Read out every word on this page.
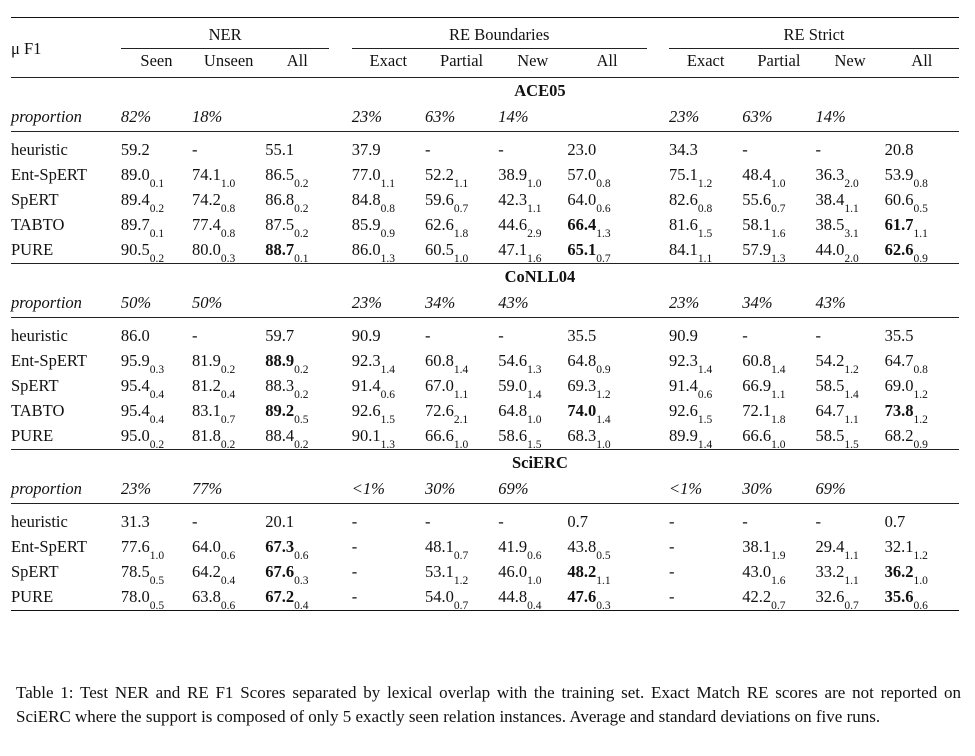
μ F1	NER				RE Boundaries					RE Strict			
	Seen	Unseen	All		Exact	Partial	New	All		Exact	Partial	New	All
	ACE05												
proportion	82%	18%			23%	63%	14%			23%	63%	14%	

heuristic	59.2	-	55.1		37.9	-	-	23.0		34.3	-	-	20.8
Ent-SpERT	$89.0_{0.1}$	$74.1_{1.0}$	$86.5_{0.2}$		$77.0_{1.1}$	$52.2_{1.1}$	$38.9_{1.0}$	$57.0_{0.8}$		$75.1_{1.2}$	$48.4_{1.0}$	$36.3_{2.0}$	$53.9_{0.8}$
SpERT	$89.4_{0.2}$	$74.2_{0.8}$	$86.8_{0.2}$		$84.8_{0.8}$	$59.6_{0.7}$	$42.3_{1.1}$	$64.0_{0.6}$		$82.6_{0.8}$	$55.6_{0.7}$	$38.4_{1.1}$	$60.6_{0.5}$
TABTO	$89.7_{0.1}$	$77.4_{0.8}$	$87.5_{0.2}$		$85.9_{0.9}$	$62.6_{1.8}$	$44.6_{2.9}$	$66.4_{1.3}$		$81.6_{1.5}$	$58.1_{1.6}$	$38.5_{3.1}$	$61.7_{1.1}$
PURE	$90.5_{0.2}$	$80.0_{0.3}$	$88.7_{0.1}$		$86.0_{1.3}$	$60.5_{1.0}$	$47.1_{1.6}$	$65.1_{0.7}$		$84.1_{1.1}$	$57.9_{1.3}$	$44.0_{2.0}$	$62.6_{0.9}$
	CoNLL04												
proportion	50%	50%			23%	34%	43%			23%	34%	43%	

heuristic	86.0	-	59.7		90.9	-	-	35.5		90.9	-	-	35.5
Ent-SpERT	$95.9_{0.3}$	$81.9_{0.2}$	$88.9_{0.2}$		$92.3_{1.4}$	$60.8_{1.4}$	$54.6_{1.3}$	$64.8_{0.9}$		$92.3_{1.4}$	$60.8_{1.4}$	$54.2_{1.2}$	$64.7_{0.8}$
SpERT	$95.4_{0.4}$	$81.2_{0.4}$	$88.3_{0.2}$		$91.4_{0.6}$	$67.0_{1.1}$	$59.0_{1.4}$	$69.3_{1.2}$		$91.4_{0.6}$	$66.9_{1.1}$	$58.5_{1.4}$	$69.0_{1.2}$
TABTO	$95.4_{0.4}$	$83.1_{0.7}$	$89.2_{0.5}$		$92.6_{1.5}$	$72.6_{2.1}$	$64.8_{1.0}$	$74.0_{1.4}$		$92.6_{1.5}$	$72.1_{1.8}$	$64.7_{1.1}$	$73.8_{1.2}$
PURE	$95.0_{0.2}$	$81.8_{0.2}$	$88.4_{0.2}$		$90.1_{1.3}$	$66.6_{1.0}$	$58.6_{1.5}$	$68.3_{1.0}$		$89.9_{1.4}$	$66.6_{1.0}$	$58.5_{1.5}$	$68.2_{0.9}$
	SciERC												
proportion	23%	77%			<1%	30%	69%			<1%	30%	69%	

heuristic	31.3	-	20.1		-	-	-	0.7		-	-	-	0.7
Ent-SpERT	$77.6_{1.0}$	$64.0_{0.6}$	$67.3_{0.6}$		-	$48.1_{0.7}$	$41.9_{0.6}$	$43.8_{0.5}$		-	$38.1_{1.9}$	$29.4_{1.1}$	$32.1_{1.2}$
SpERT	$78.5_{0.5}$	$64.2_{0.4}$	$67.6_{0.3}$		-	$53.1_{1.2}$	$46.0_{1.0}$	$48.2_{1.1}$		-	$43.0_{1.6}$	$33.2_{1.1}$	$36.2_{1.0}$
PURE	$78.0_{0.5}$	$63.8_{0.6}$	$67.2_{0.4}$		-	$54.0_{0.7}$	$44.8_{0.4}$	$47.6_{0.3}$		-	$42.2_{0.7}$	$32.6_{0.7}$	$35.6_{0.6}$

Table 1: Test NER and RE F1 Scores separated by lexical overlap with the training set. Exact Match RE scores are not reported on SciERC where the support is composed of only 5 exactly seen relation instances. Average and standard deviations on five runs.
